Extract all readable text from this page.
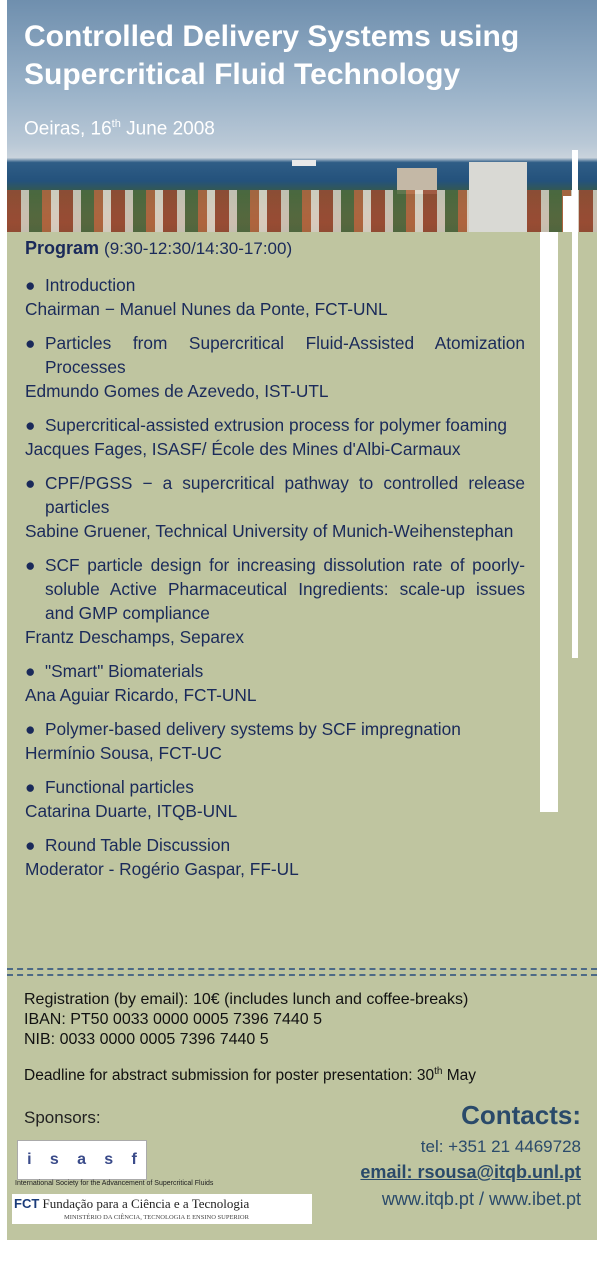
Controlled Delivery Systems using
Supercritical Fluid Technology
Oeiras, 16th June 2008
Program (9:30-12:30/14:30-17:00)
● Introduction
Chairman − Manuel Nunes da Ponte, FCT-UNL
● Particles from Supercritical Fluid-Assisted Atomization Processes
Edmundo Gomes de Azevedo, IST-UTL
● Supercritical-assisted extrusion process for polymer foaming
Jacques Fages, ISASF/ École des Mines d'Albi-Carmaux
● CPF/PGSS − a supercritical pathway to controlled release particles
Sabine Gruener, Technical University of Munich-Weihenstephan
● SCF particle design for increasing dissolution rate of poorly-soluble Active Pharmaceutical Ingredients: scale-up issues and GMP compliance
Frantz Deschamps, Separex
● "Smart" Biomaterials
Ana Aguiar Ricardo, FCT-UNL
● Polymer-based delivery systems by SCF impregnation
Hermínio Sousa, FCT-UC
● Functional particles
Catarina Duarte, ITQB-UNL
● Round Table Discussion
Moderator - Rogério Gaspar, FF-UL
Registration (by email): 10€ (includes lunch and coffee-breaks)
IBAN: PT50 0033 0000 0005 7396 7440 5
NIB: 0033 0000 0005 7396 7440 5
Deadline for abstract submission for poster presentation: 30th May
Sponsors:
i s a s f
International Society for the Advancement of Supercritical Fluids
FCT Fundação para a Ciência e a Tecnologia
MINISTÉRIO DA CIÊNCIA, TECNOLOGIA E ENSINO SUPERIOR
Contacts:
tel: +351 21 4469728
email: rsousa@itqb.unl.pt
www.itqb.pt / www.ibet.pt
